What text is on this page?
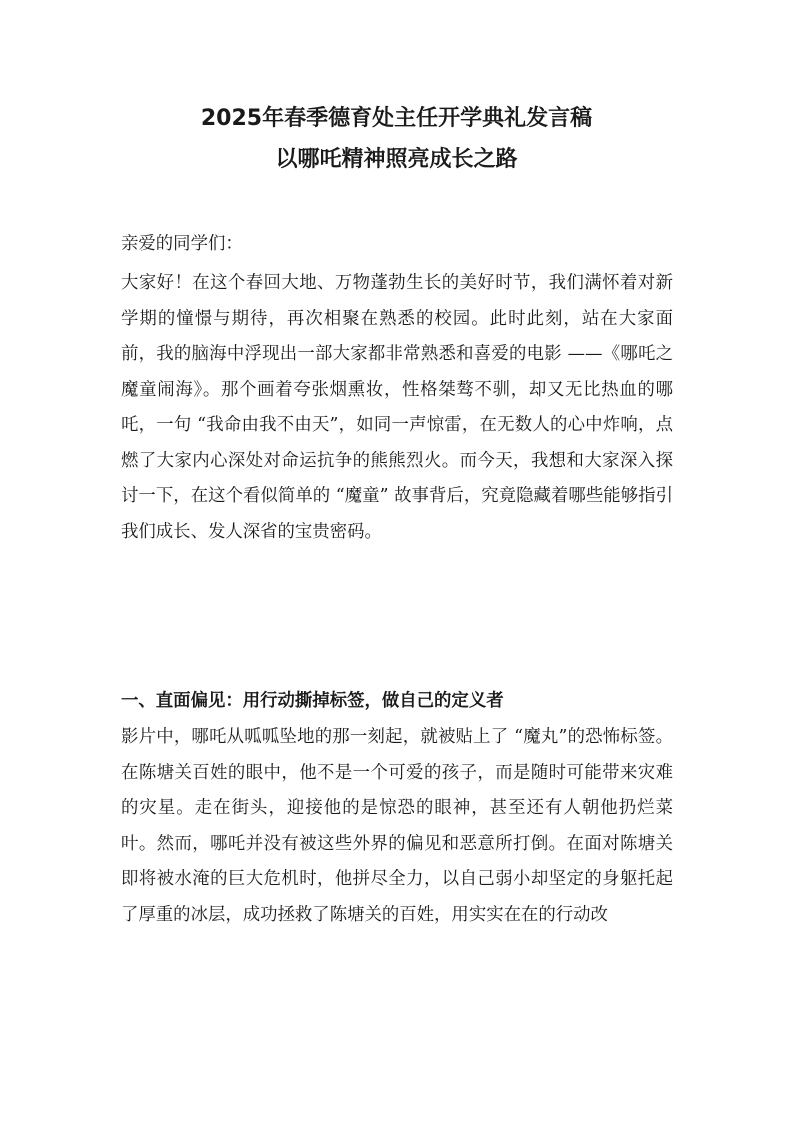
2025年春季德育处主任开学典礼发言稿
以哪吒精神照亮成长之路

亲爱的同学们：

大家好！在这个春回大地、万物蓬勃生长的美好时节，我们满怀着对新学期的憧憬与期待，再次相聚在熟悉的校园。此时此刻，站在大家面前，我的脑海中浮现出一部大家都非常熟悉和喜爱的电影 ——《哪吒之魔童闹海》。那个画着夸张烟熏妆，性格桀骜不驯，却又无比热血的哪吒，一句 “我命由我不由天”，如同一声惊雷，在无数人的心中炸响，点燃了大家内心深处对命运抗争的熊熊烈火。而今天，我想和大家深入探讨一下，在这个看似简单的 “魔童” 故事背后，究竟隐藏着哪些能够指引我们成长、发人深省的宝贵密码。

一、直面偏见：用行动撕掉标签，做自己的定义者

影片中，哪吒从呱呱坠地的那一刻起，就被贴上了 “魔丸”的恐怖标签。在陈塘关百姓的眼中，他不是一个可爱的孩子，而是随时可能带来灾难的灾星。走在街头，迎接他的是惊恐的眼神，甚至还有人朝他扔烂菜叶。然而，哪吒并没有被这些外界的偏见和恶意所打倒。在面对陈塘关即将被水淹的巨大危机时，他拼尽全力，以自己弱小却坚定的身躯托起了厚重的冰层，成功拯救了陈塘关的百姓，用实实在在的行动改
